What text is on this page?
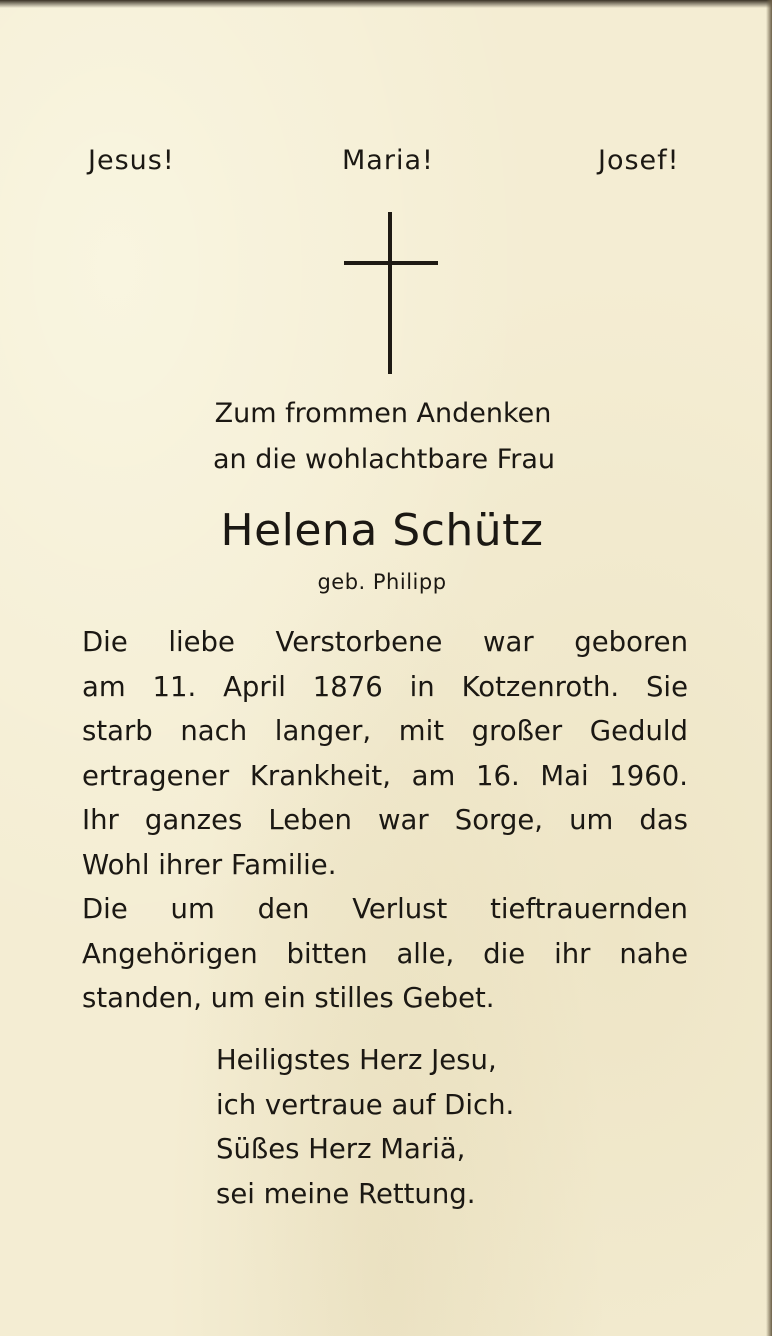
Jesus!	Maria!	Josef!
Zum frommen Andenken
an die wohlachtbare Frau
Helena Schütz
geb. Philipp
Die liebe Verstorbene war geboren
am 11. April 1876 in Kotzenroth. Sie
starb nach langer, mit großer Geduld
ertragener Krankheit, am 16. Mai 1960.
Ihr ganzes Leben war Sorge, um das
Wohl ihrer Familie.
Die um den Verlust tieftrauernden
Angehörigen bitten alle, die ihr nahe
standen, um ein stilles Gebet.
Heiligstes Herz Jesu,
ich vertraue auf Dich.
Süßes Herz Mariä,
sei meine Rettung.
